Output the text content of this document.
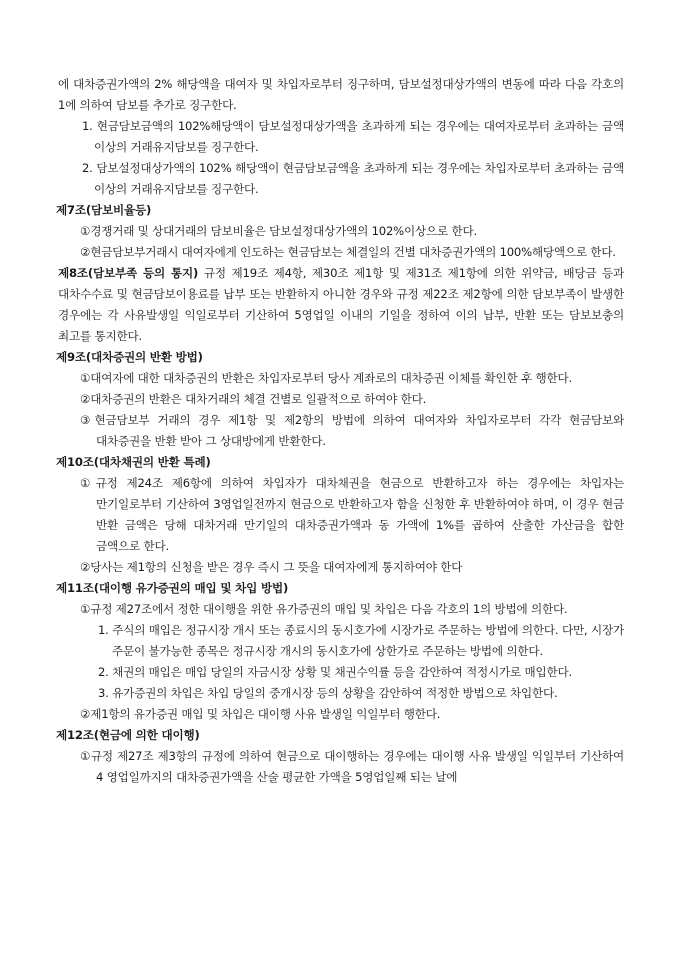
에 대차증권가액의 2% 해당액을 대여자 및 차입자로부터 징구하며, 담보설정대상가액의 변동에 따라 다음 각호의 1에 의하여 담보를 추가로 징구한다.

1. 현금담보금액의 102%해당액이 담보설정대상가액을 초과하게 되는 경우에는 대여자로부터 초과하는 금액 이상의 거래유지담보를 징구한다.

2. 담보설정대상가액의 102% 해당액이 현금담보금액을 초과하게 되는 경우에는 차입자로부터 초과하는 금액 이상의 거래유지담보를 징구한다.

제7조(담보비율등)

①경쟁거래 및 상대거래의 담보비율은 담보설정대상가액의 102%이상으로 한다.

②현금담보부거래시 대여자에게 인도하는 현금담보는 체결일의 건별 대차증권가액의 100%해당액으로 한다.

제8조(담보부족 등의 통지) 규정 제19조 제4항, 제30조 제1항 및 제31조 제1항에 의한 위약금, 배당금 등과 대차수수료 및 현금담보이용료를 납부 또는 반환하지 아니한 경우와 규정 제22조 제2항에 의한 담보부족이 발생한 경우에는 각 사유발생일 익일로부터 기산하여 5영업일 이내의 기일을 정하여 이의 납부, 반환 또는 담보보충의 최고를 통지한다.

제9조(대차증권의 반환 방법)

①대여자에 대한 대차증권의 반환은 차입자로부터 당사 계좌로의 대차증권 이체를 확인한 후 행한다.

②대차증권의 반환은 대차거래의 체결 건별로 일괄적으로 하여야 한다.

③현금담보부 거래의 경우 제1항 및 제2항의 방법에 의하여 대여자와 차입자로부터 각각 현금담보와 대차증권을 반환 받아 그 상대방에게 반환한다.

제10조(대차채권의 반환 특례)

①규정 제24조 제6항에 의하여 차입자가 대차채권을 현금으로 반환하고자 하는 경우에는 차입자는 만기일로부터 기산하여 3영업일전까지 현금으로 반환하고자 함을 신청한 후 반환하여야 하며, 이 경우 현금 반환 금액은 당해 대차거래 만기일의 대차증권가액과 동 가액에 1%를 곱하여 산출한 가산금을 합한 금액으로 한다.

②당사는 제1항의 신청을 받은 경우 즉시 그 뜻을 대여자에게 통지하여야 한다

제11조(대이행 유가증권의 매입 및 차입 방법)

①규정 제27조에서 정한 대이행을 위한 유가증권의 매입 및 차입은 다음 각호의 1의 방법에 의한다.

1. 주식의 매입은 정규시장 개시 또는 종료시의 동시호가에 시장가로 주문하는 방법에 의한다. 다만, 시장가 주문이 불가능한 종목은 정규시장 개시의 동시호가에 상한가로 주문하는 방법에 의한다.

2. 채권의 매입은 매입 당일의 자금시장 상황 및 채권수익률 등을 감안하여 적정시가로 매입한다.

3. 유가증권의 차입은 차입 당일의 중개시장 등의 상황을 감안하여 적정한 방법으로 차입한다.

②제1항의 유가증권 매입 및 차입은 대이행 사유 발생일 익일부터 행한다.

제12조(현금에 의한 대이행)

①규정 제27조 제3항의 규정에 의하여 현금으로 대이행하는 경우에는 대이행 사유 발생일 익일부터 기산하여 4 영업일까지의 대차증권가액을 산술 평균한 가액을 5영업일째 되는 날에
